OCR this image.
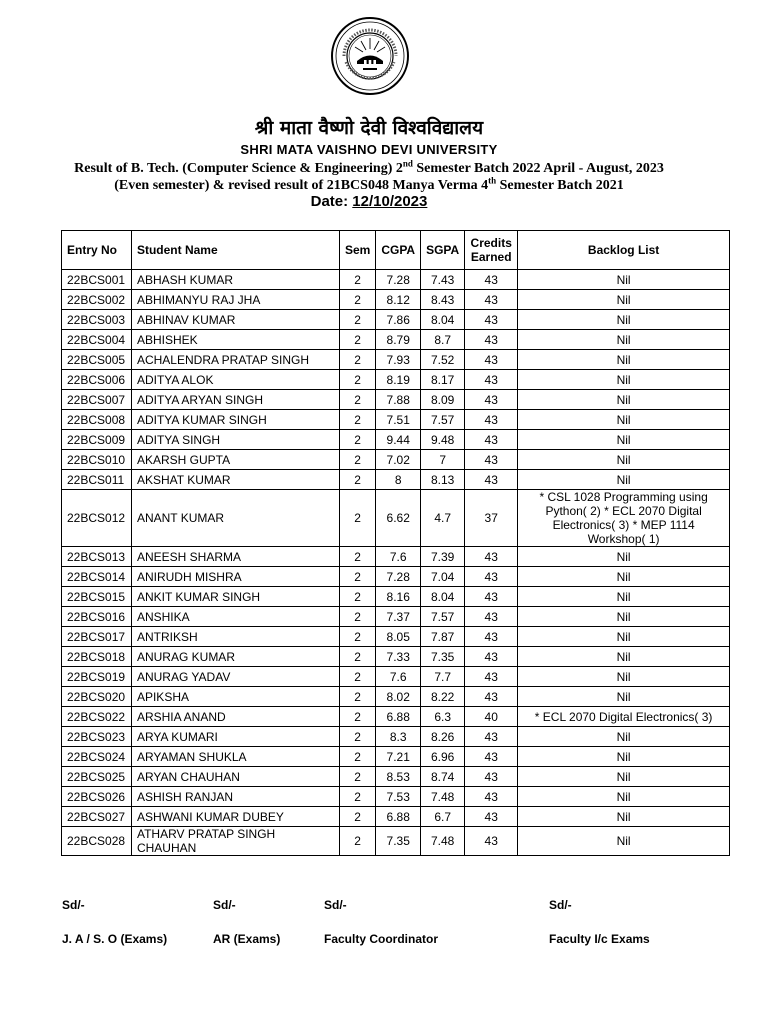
श्री माता वैष्णो देवी विश्वविद्यालय
SHRI MATA VAISHNO DEVI UNIVERSITY
Result of B. Tech. (Computer Science & Engineering) 2nd Semester Batch 2022 April - August, 2023
(Even semester) & revised result of 21BCS048 Manya Verma 4th Semester Batch 2021
Date: 12/10/2023
Entry No	Student Name	Sem	CGPA	SGPA	Credits Earned	Backlog List
22BCS001	ABHASH KUMAR	2	7.28	7.43	43	Nil
22BCS002	ABHIMANYU RAJ JHA	2	8.12	8.43	43	Nil
22BCS003	ABHINAV KUMAR	2	7.86	8.04	43	Nil
22BCS004	ABHISHEK	2	8.79	8.7	43	Nil
22BCS005	ACHALENDRA PRATAP SINGH	2	7.93	7.52	43	Nil
22BCS006	ADITYA ALOK	2	8.19	8.17	43	Nil
22BCS007	ADITYA ARYAN SINGH	2	7.88	8.09	43	Nil
22BCS008	ADITYA KUMAR SINGH	2	7.51	7.57	43	Nil
22BCS009	ADITYA SINGH	2	9.44	9.48	43	Nil
22BCS010	AKARSH GUPTA	2	7.02	7	43	Nil
22BCS011	AKSHAT KUMAR	2	8	8.13	43	Nil
22BCS012	ANANT KUMAR	2	6.62	4.7	37	* CSL 1028 Programming using Python( 2) * ECL 2070 Digital Electronics( 3) * MEP 1114 Workshop( 1)
22BCS013	ANEESH SHARMA	2	7.6	7.39	43	Nil
22BCS014	ANIRUDH MISHRA	2	7.28	7.04	43	Nil
22BCS015	ANKIT KUMAR SINGH	2	8.16	8.04	43	Nil
22BCS016	ANSHIKA	2	7.37	7.57	43	Nil
22BCS017	ANTRIKSH	2	8.05	7.87	43	Nil
22BCS018	ANURAG KUMAR	2	7.33	7.35	43	Nil
22BCS019	ANURAG YADAV	2	7.6	7.7	43	Nil
22BCS020	APIKSHA	2	8.02	8.22	43	Nil
22BCS022	ARSHIA ANAND	2	6.88	6.3	40	* ECL 2070 Digital Electronics( 3)
22BCS023	ARYA KUMARI	2	8.3	8.26	43	Nil
22BCS024	ARYAMAN SHUKLA	2	7.21	6.96	43	Nil
22BCS025	ARYAN CHAUHAN	2	8.53	8.74	43	Nil
22BCS026	ASHISH RANJAN	2	7.53	7.48	43	Nil
22BCS027	ASHWANI KUMAR DUBEY	2	6.88	6.7	43	Nil
22BCS028	ATHARV PRATAP SINGH CHAUHAN	2	7.35	7.48	43	Nil
Sd/-	Sd/-	Sd/-	Sd/-
J. A / S. O (Exams)	AR (Exams)	Faculty Coordinator	Faculty I/c Exams
